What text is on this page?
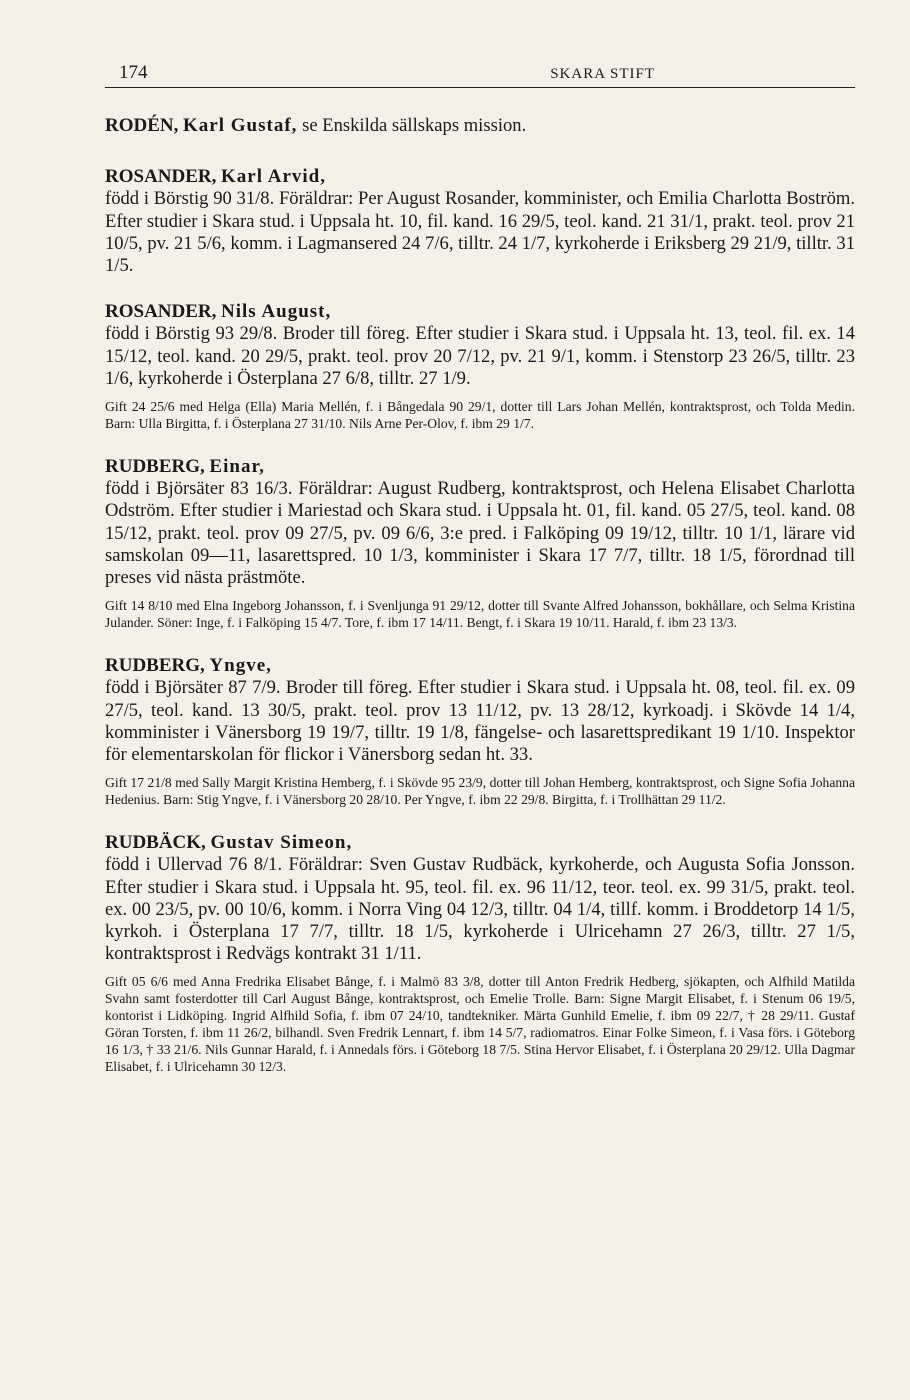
174	SKARA STIFT

RODÉN, Karl Gustaf, se Enskilda sällskaps mission.

ROSANDER, Karl Arvid,

född i Börstig 90 31/8. Föräldrar: Per August Rosander, komminister, och Emilia Charlotta Boström. Efter studier i Skara stud. i Uppsala ht. 10, fil. kand. 16 29/5, teol. kand. 21 31/1, prakt. teol. prov 21 10/5, pv. 21 5/6, komm. i Lagmansered 24 7/6, tilltr. 24 1/7, kyrkoherde i Eriksberg 29 21/9, tilltr. 31 1/5.

ROSANDER, Nils August,

född i Börstig 93 29/8. Broder till föreg. Efter studier i Skara stud. i Uppsala ht. 13, teol. fil. ex. 14 15/12, teol. kand. 20 29/5, prakt. teol. prov 20 7/12, pv. 21 9/1, komm. i Stenstorp 23 26/5, tilltr. 23 1/6, kyrkoherde i Österplana 27 6/8, tilltr. 27 1/9.

Gift 24 25/6 med Helga (Ella) Maria Mellén, f. i Bångedala 90 29/1, dotter till Lars Johan Mellén, kontraktsprost, och Tolda Medin. Barn: Ulla Birgitta, f. i Österplana 27 31/10. Nils Arne Per-Olov, f. ibm 29 1/7.

RUDBERG, Einar,

född i Björsäter 83 16/3. Föräldrar: August Rudberg, kontraktsprost, och Helena Elisabet Charlotta Odström. Efter studier i Mariestad och Skara stud. i Uppsala ht. 01, fil. kand. 05 27/5, teol. kand. 08 15/12, prakt. teol. prov 09 27/5, pv. 09 6/6, 3:e pred. i Falköping 09 19/12, tilltr. 10 1/1, lärare vid samskolan 09—11, lasarettspred. 10 1/3, komminister i Skara 17 7/7, tilltr. 18 1/5, förordnad till preses vid nästa prästmöte.

Gift 14 8/10 med Elna Ingeborg Johansson, f. i Svenljunga 91 29/12, dotter till Svante Alfred Johansson, bokhållare, och Selma Kristina Julander. Söner: Inge, f. i Falköping 15 4/7. Tore, f. ibm 17 14/11. Bengt, f. i Skara 19 10/11. Harald, f. ibm 23 13/3.

RUDBERG, Yngve,

född i Björsäter 87 7/9. Broder till föreg. Efter studier i Skara stud. i Uppsala ht. 08, teol. fil. ex. 09 27/5, teol. kand. 13 30/5, prakt. teol. prov 13 11/12, pv. 13 28/12, kyrkoadj. i Skövde 14 1/4, komminister i Vänersborg 19 19/7, tilltr. 19 1/8, fängelse- och lasarettspredikant 19 1/10. Inspektor för elementarskolan för flickor i Vänersborg sedan ht. 33.

Gift 17 21/8 med Sally Margit Kristina Hemberg, f. i Skövde 95 23/9, dotter till Johan Hemberg, kontraktsprost, och Signe Sofia Johanna Hedenius. Barn: Stig Yngve, f. i Vänersborg 20 28/10. Per Yngve, f. ibm 22 29/8. Birgitta, f. i Trollhättan 29 11/2.

RUDBÄCK, Gustav Simeon,

född i Ullervad 76 8/1. Föräldrar: Sven Gustav Rudbäck, kyrkoherde, och Augusta Sofia Jonsson. Efter studier i Skara stud. i Uppsala ht. 95, teol. fil. ex. 96 11/12, teor. teol. ex. 99 31/5, prakt. teol. ex. 00 23/5, pv. 00 10/6, komm. i Norra Ving 04 12/3, tilltr. 04 1/4, tillf. komm. i Broddetorp 14 1/5, kyrkoh. i Österplana 17 7/7, tilltr. 18 1/5, kyrkoherde i Ulricehamn 27 26/3, tilltr. 27 1/5, kontraktsprost i Redvägs kontrakt 31 1/11.

Gift 05 6/6 med Anna Fredrika Elisabet Bånge, f. i Malmö 83 3/8, dotter till Anton Fredrik Hedberg, sjökapten, och Alfhild Matilda Svahn samt fosterdotter till Carl August Bånge, kontraktsprost, och Emelie Trolle. Barn: Signe Margit Elisabet, f. i Stenum 06 19/5, kontorist i Lidköping. Ingrid Alfhild Sofia, f. ibm 07 24/10, tandtekniker. Märta Gunhild Emelie, f. ibm 09 22/7, † 28 29/11. Gustaf Göran Torsten, f. ibm 11 26/2, bilhandl. Sven Fredrik Lennart, f. ibm 14 5/7, radiomatros. Einar Folke Simeon, f. i Vasa förs. i Göteborg 16 1/3, † 33 21/6. Nils Gunnar Harald, f. i Annedals förs. i Göteborg 18 7/5. Stina Hervor Elisabet, f. i Österplana 20 29/12. Ulla Dagmar Elisabet, f. i Ulricehamn 30 12/3.
